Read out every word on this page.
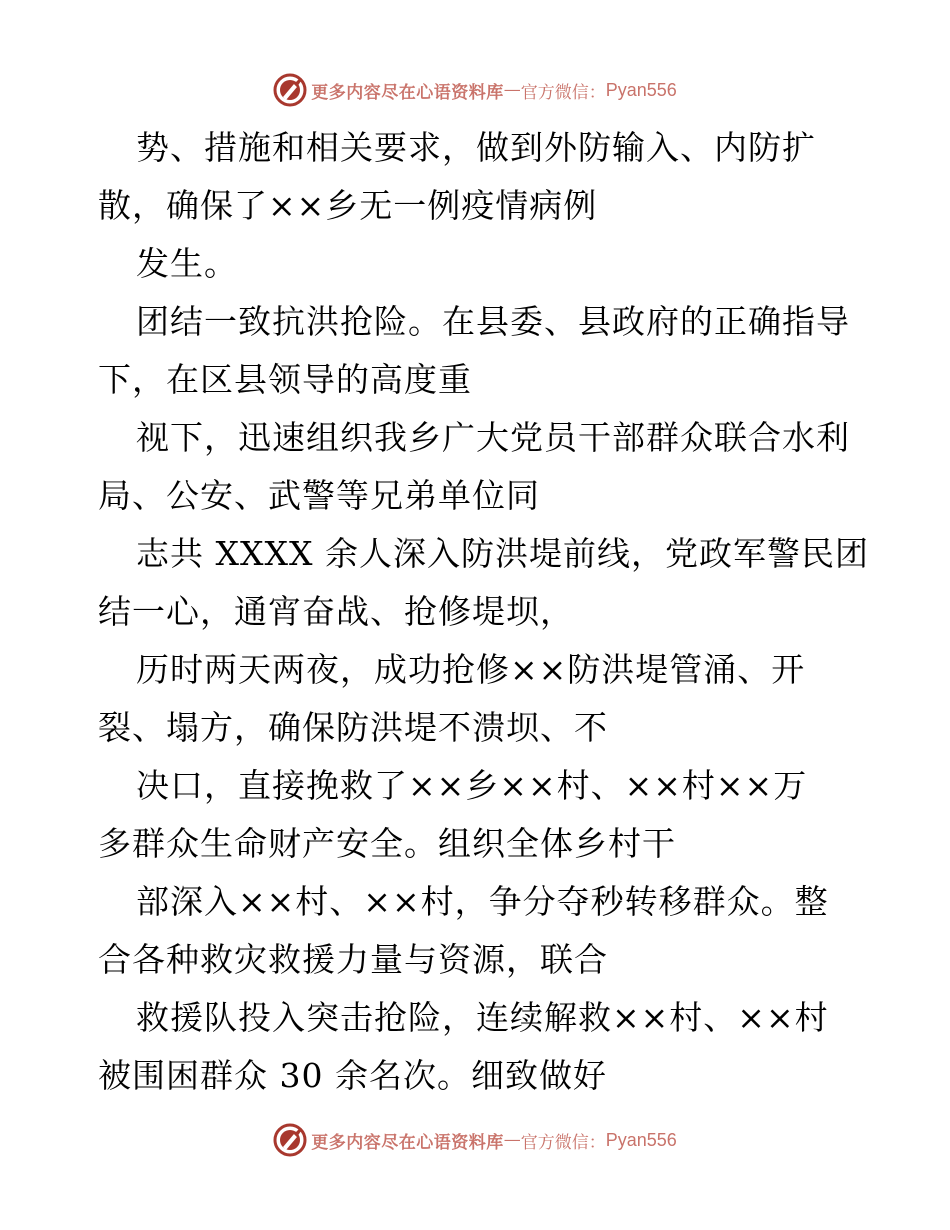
更多内容尽在心语资料库 — 官方微信： Pyan556
势、措施和相关要求，做到外防输入、内防扩
散，确保了××乡无一例疫情病例
发生。
团结一致抗洪抢险。在县委、县政府的正确指导
下，在区县领导的高度重
视下，迅速组织我乡广大党员干部群众联合水利
局、公安、武警等兄弟单位同
志共 XXXX 余人深入防洪堤前线，党政军警民团
结一心，通宵奋战、抢修堤坝，
历时两天两夜，成功抢修××防洪堤管涌、开
裂、塌方，确保防洪堤不溃坝、不
决口，直接挽救了××乡××村、××村××万
多群众生命财产安全。组织全体乡村干
部深入××村、××村，争分夺秒转移群众。整
合各种救灾救援力量与资源，联合
救援队投入突击抢险，连续解救××村、××村
被围困群众 30 余名次。细致做好
更多内容尽在心语资料库 — 官方微信： Pyan556
